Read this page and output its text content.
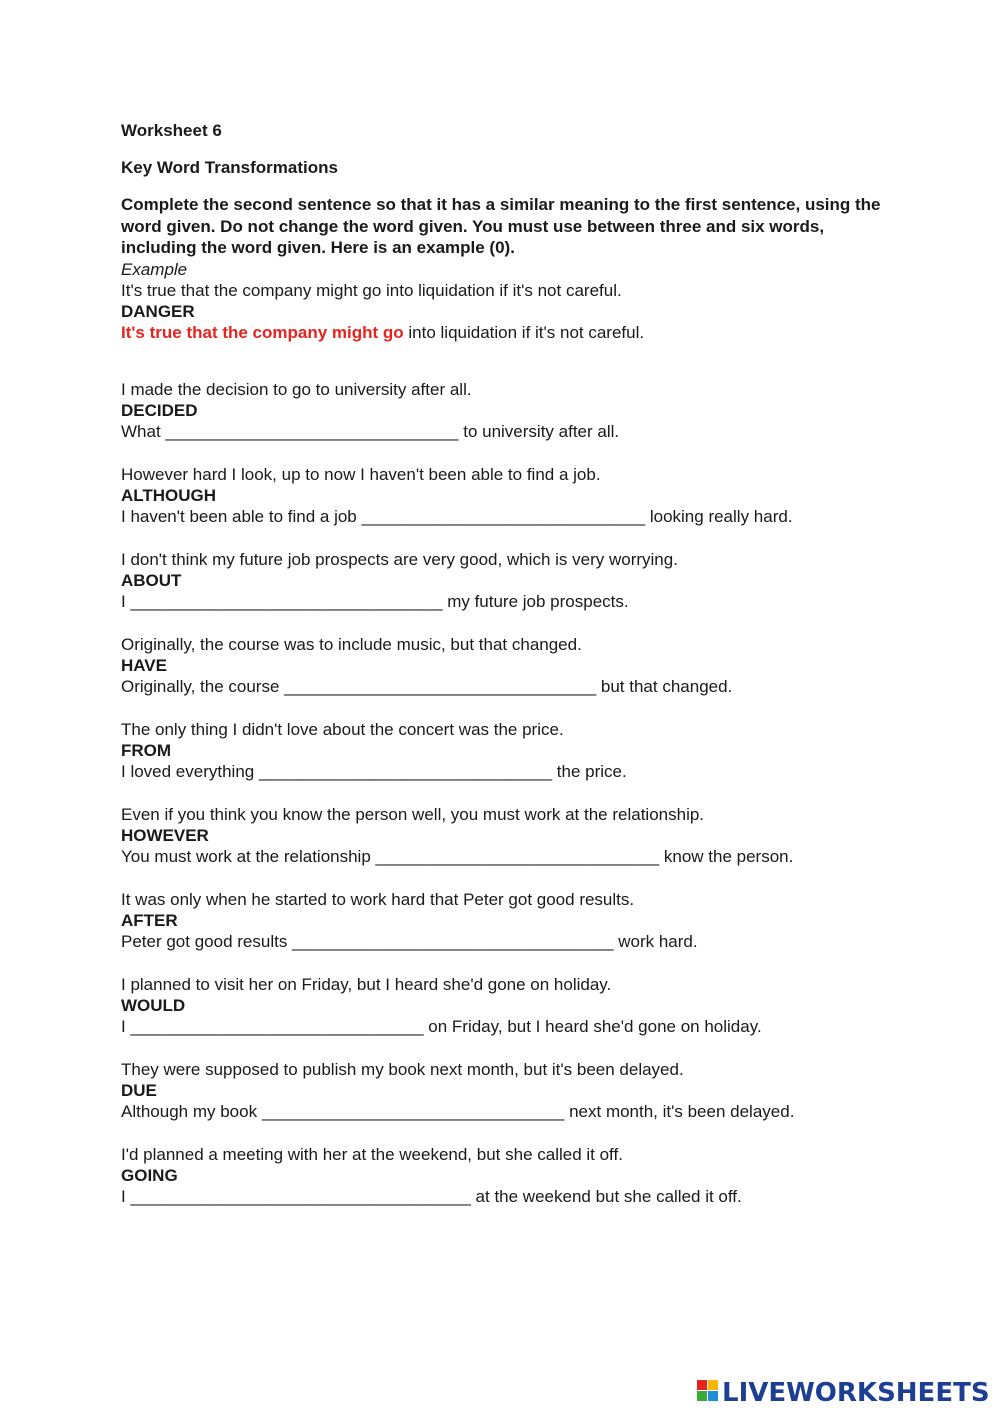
Worksheet 6

Key Word Transformations

Complete the second sentence so that it has a similar meaning to the first sentence, using the word given. Do not change the word given. You must use between three and six words, including the word given. Here is an example (0).

Example

It's true that the company might go into liquidation if it's not careful.

DANGER

It's true that the company might go into liquidation if it's not careful.

I made the decision to go to university after all.

DECIDED

What _______________________________ to university after all.

However hard I look, up to now I haven't been able to find a job.

ALTHOUGH

I haven't been able to find a job ______________________________ looking really hard.

I don't think my future job prospects are very good, which is very worrying.

ABOUT

I _________________________________ my future job prospects.

Originally, the course was to include music, but that changed.

HAVE

Originally, the course _________________________________ but that changed.

The only thing I didn't love about the concert was the price.

FROM

I loved everything _______________________________ the price.

Even if you think you know the person well, you must work at the relationship.

HOWEVER

You must work at the relationship ______________________________ know the person.

It was only when he started to work hard that Peter got good results.

AFTER

Peter got good results __________________________________ work hard.

I planned to visit her on Friday, but I heard she'd gone on holiday.

WOULD

I _______________________________ on Friday, but I heard she'd gone on holiday.

They were supposed to publish my book next month, but it's been delayed.

DUE

Although my book ________________________________ next month, it's been delayed.

I'd planned a meeting with her at the weekend, but she called it off.

GOING

I ____________________________________ at the weekend but she called it off.

LIVEWORKSHEETS
